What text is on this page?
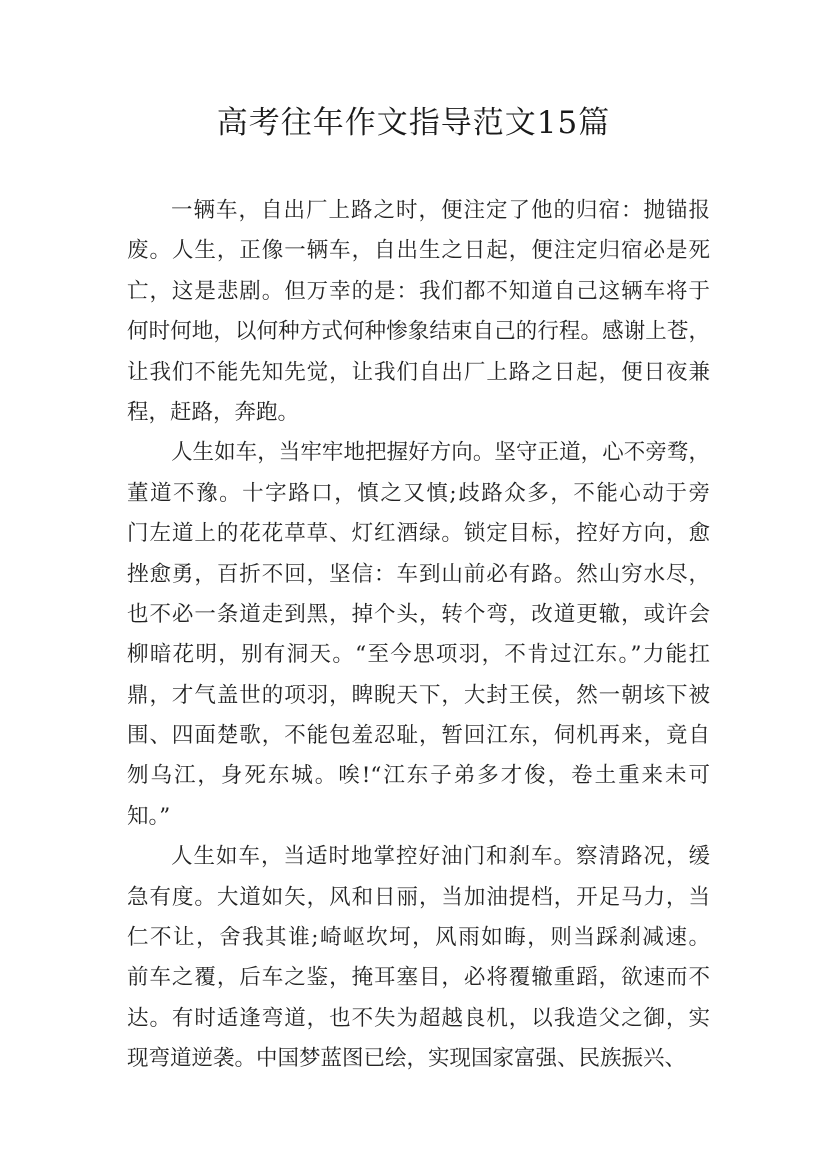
高考往年作文指导范文15篇
一辆车，自出厂上路之时，便注定了他的归宿：抛锚报
废。人生，正像一辆车，自出生之日起，便注定归宿必是死
亡，这是悲剧。但万幸的是：我们都不知道自己这辆车将于
何时何地，以何种方式何种惨象结束自己的行程。感谢上苍，
让我们不能先知先觉，让我们自出厂上路之日起，便日夜兼
程，赶路，奔跑。
人生如车，当牢牢地把握好方向。坚守正道，心不旁骛，
董道不豫。十字路口，慎之又慎;歧路众多，不能心动于旁
门左道上的花花草草、灯红酒绿。锁定目标，控好方向，愈
挫愈勇，百折不回，坚信：车到山前必有路。然山穷水尽，
也不必一条道走到黑，掉个头，转个弯，改道更辙，或许会
柳暗花明，别有洞天。“至今思项羽，不肯过江东。”力能扛
鼎，才气盖世的项羽，睥睨天下，大封王侯，然一朝垓下被
围、四面楚歌，不能包羞忍耻，暂回江东，伺机再来，竟自
刎乌江，身死东城。唉!“江东子弟多才俊，卷土重来未可
知。”
人生如车，当适时地掌控好油门和刹车。察清路况，缓
急有度。大道如矢，风和日丽，当加油提档，开足马力，当
仁不让，舍我其谁;崎岖坎坷，风雨如晦，则当踩刹减速。
前车之覆，后车之鉴，掩耳塞目，必将覆辙重蹈，欲速而不
达。有时适逢弯道，也不失为超越良机，以我造父之御，实
现弯道逆袭。中国梦蓝图已绘，实现国家富强、民族振兴、
